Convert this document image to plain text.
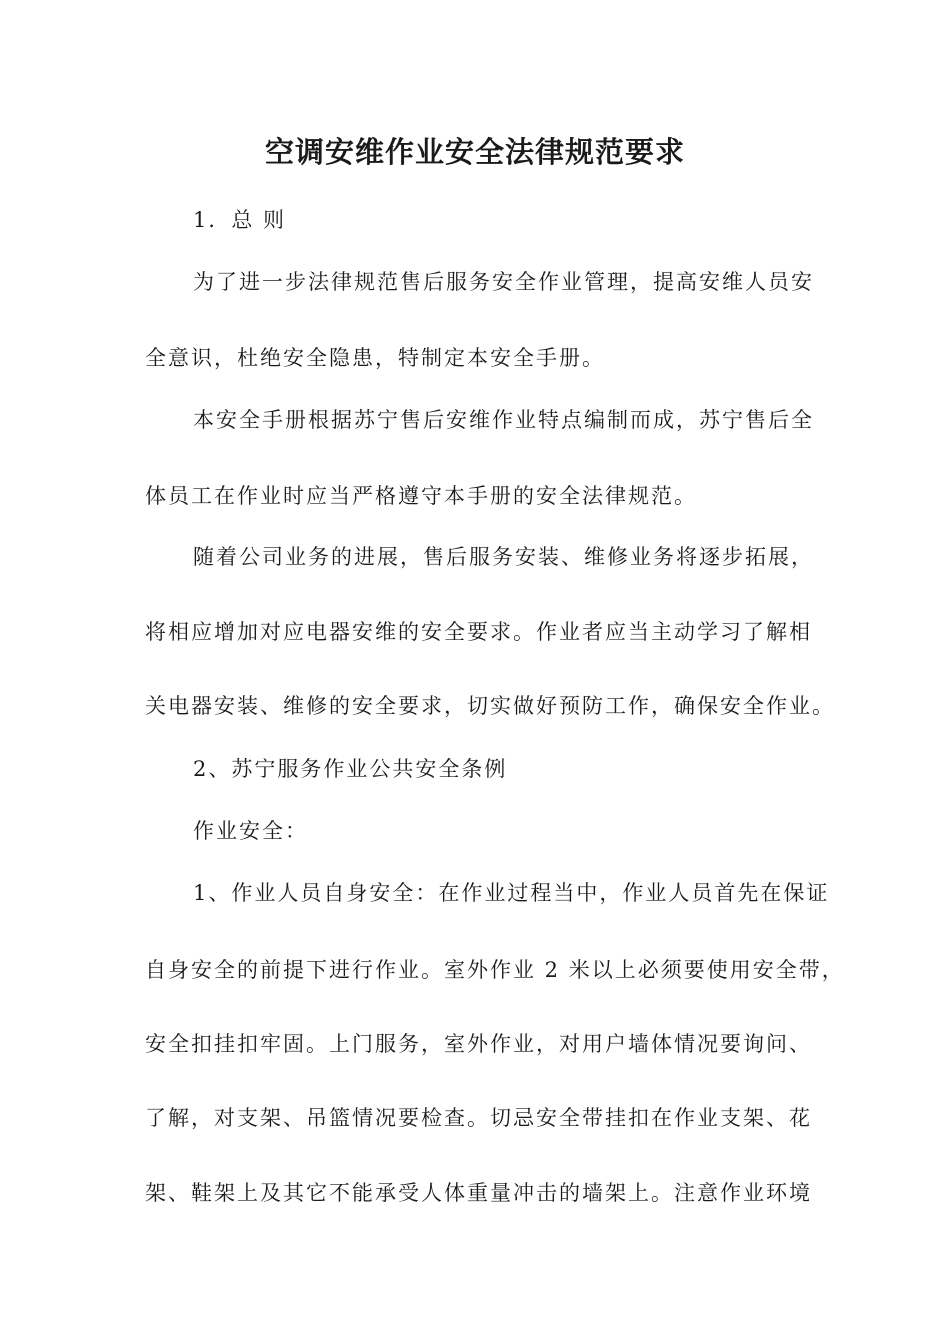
空调安维作业安全法律规范要求

1．总 则

为了进一步法律规范售后服务安全作业管理，提高安维人员安

全意识，杜绝安全隐患，特制定本安全手册。

本安全手册根据苏宁售后安维作业特点编制而成，苏宁售后全

体员工在作业时应当严格遵守本手册的安全法律规范。

随着公司业务的进展，售后服务安装、维修业务将逐步拓展，

将相应增加对应电器安维的安全要求。作业者应当主动学习了解相

关电器安装、维修的安全要求，切实做好预防工作，确保安全作业。

2、苏宁服务作业公共安全条例

作业安全：

1、作业人员自身安全：在作业过程当中，作业人员首先在保证

自身安全的前提下进行作业。室外作业 2 米以上必须要使用安全带，

安全扣挂扣牢固。上门服务，室外作业，对用户墙体情况要询问、

了解，对支架、吊篮情况要检查。切忌安全带挂扣在作业支架、花

架、鞋架上及其它不能承受人体重量冲击的墙架上。注意作业环境
